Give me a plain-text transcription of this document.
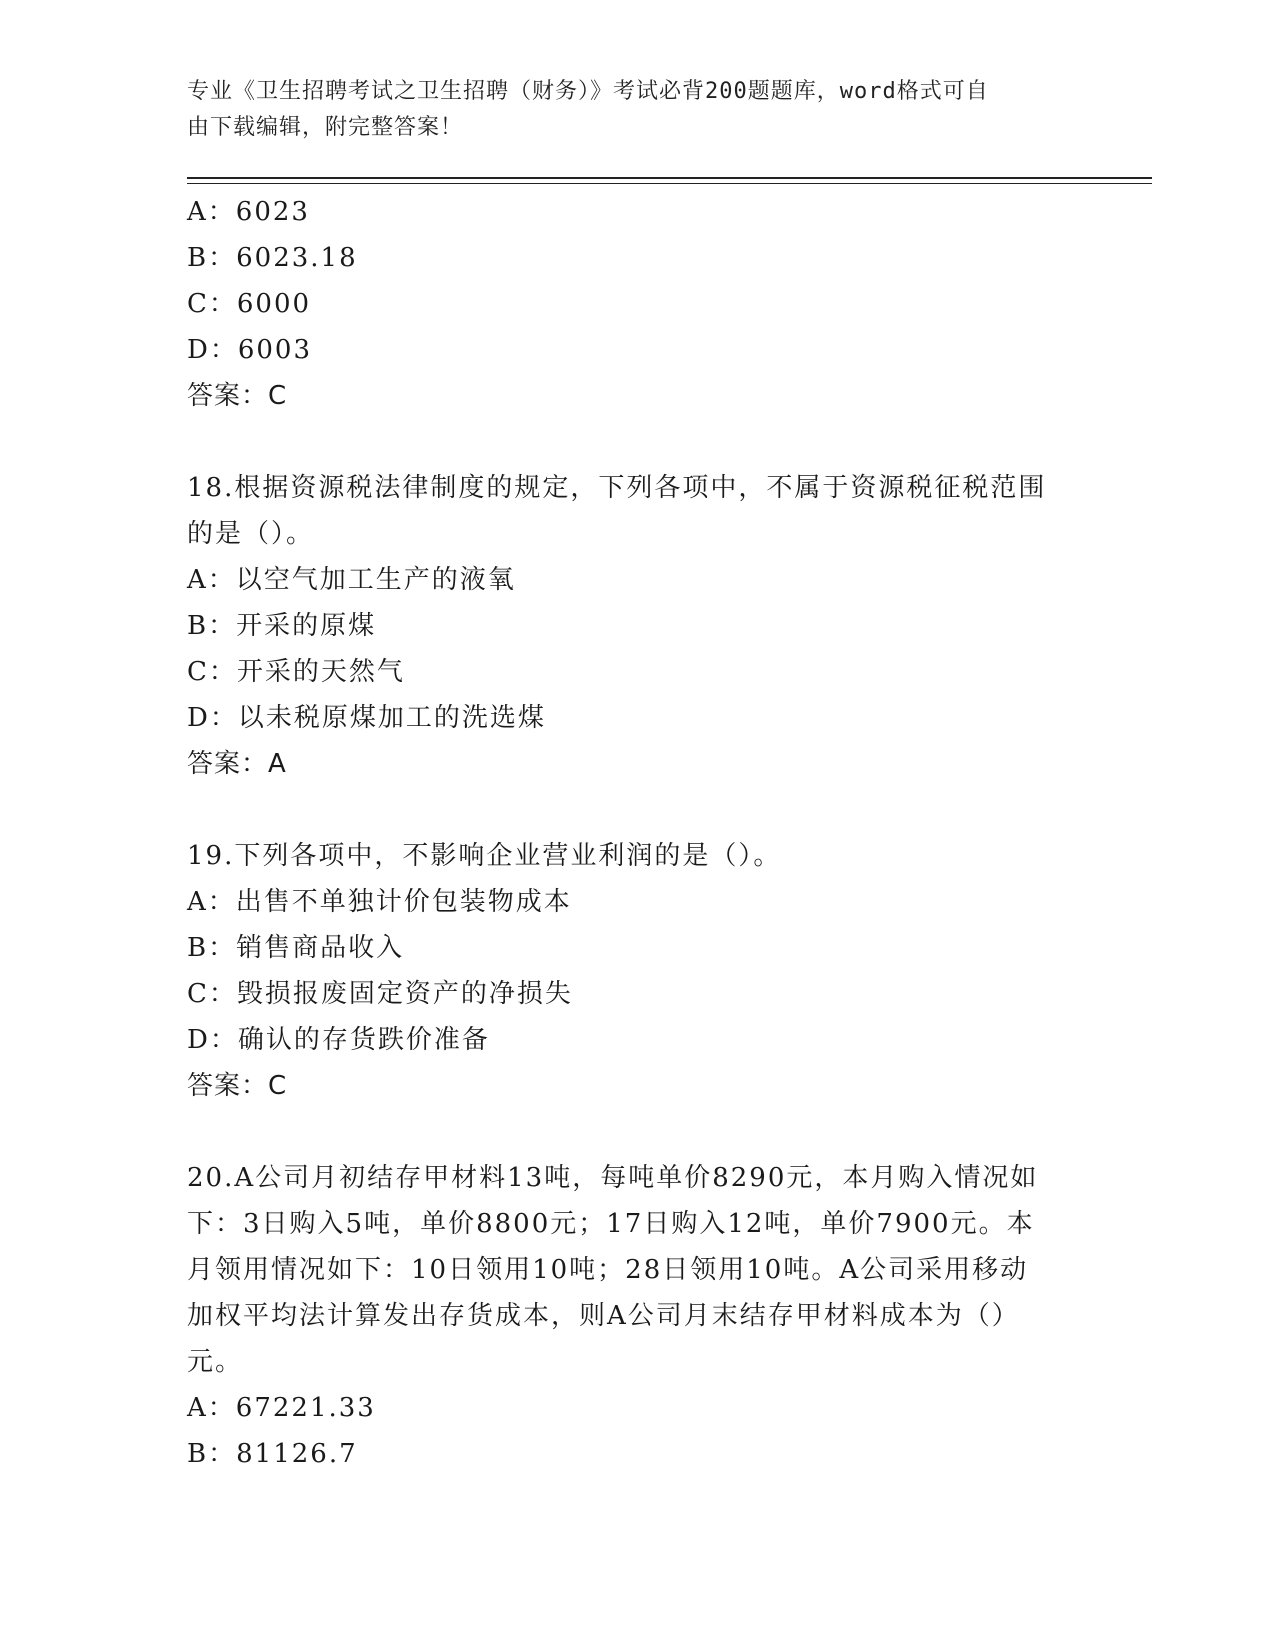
专业《卫生招聘考试之卫生招聘（财务）》考试必背200题题库，word格式可自
由下载编辑，附完整答案！
A：6023
B：6023.18
C：6000
D：6003
答案：C
18.根据资源税法律制度的规定，下列各项中，不属于资源税征税范围
的是（）。
A：以空气加工生产的液氧
B：开采的原煤
C：开采的天然气
D：以未税原煤加工的洗选煤
答案：A
19.下列各项中，不影响企业营业利润的是（）。
A：出售不单独计价包装物成本
B：销售商品收入
C：毁损报废固定资产的净损失
D：确认的存货跌价准备
答案：C
20.A公司月初结存甲材料13吨，每吨单价8290元，本月购入情况如
下：3日购入5吨，单价8800元；17日购入12吨，单价7900元。本
月领用情况如下：10日领用10吨；28日领用10吨。A公司采用移动
加权平均法计算发出存货成本，则A公司月末结存甲材料成本为（）
元。
A：67221.33
B：81126.7
